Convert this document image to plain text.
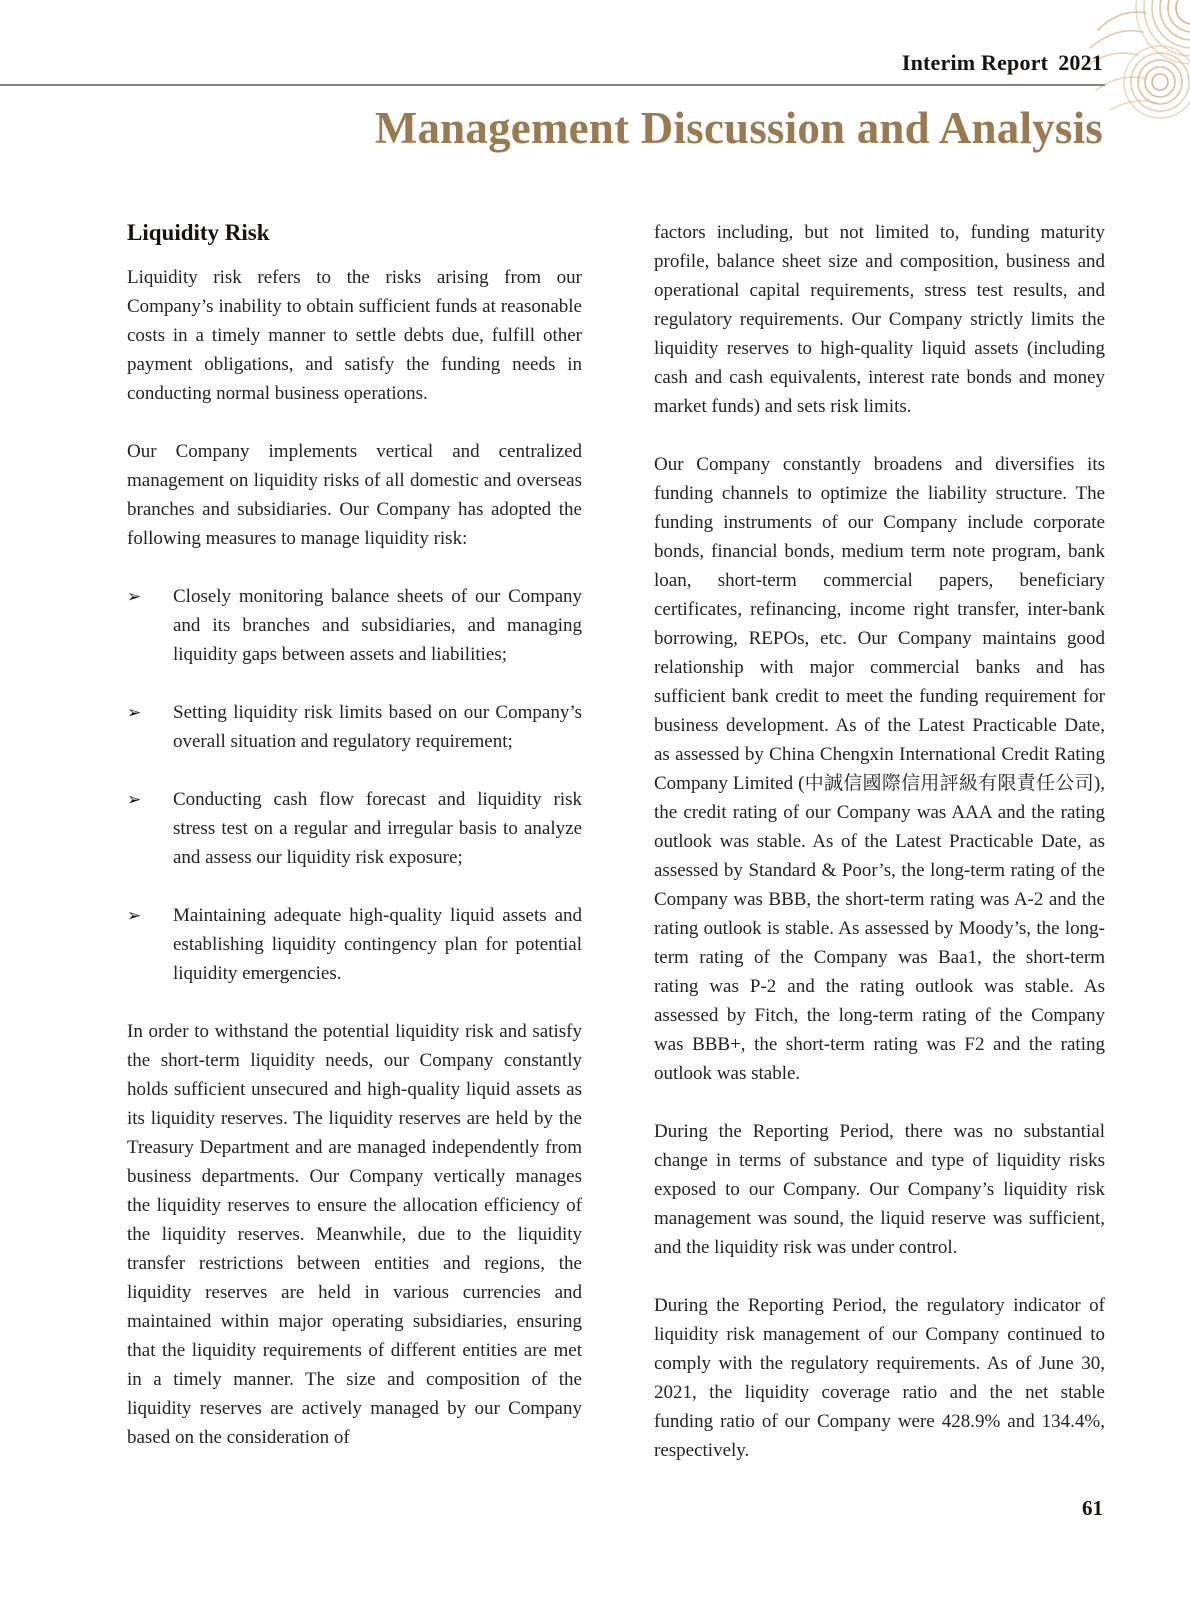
Interim Report 2021
Management Discussion and Analysis
Liquidity Risk

Liquidity risk refers to the risks arising from our Company’s inability to obtain sufficient funds at reasonable costs in a timely manner to settle debts due, fulfill other payment obligations, and satisfy the funding needs in conducting normal business operations.

Our Company implements vertical and centralized management on liquidity risks of all domestic and overseas branches and subsidiaries. Our Company has adopted the following measures to manage liquidity risk:

➢	Closely monitoring balance sheets of our Company and its branches and subsidiaries, and managing liquidity gaps between assets and liabilities;
➢	Setting liquidity risk limits based on our Company’s overall situation and regulatory requirement;
➢	Conducting cash flow forecast and liquidity risk stress test on a regular and irregular basis to analyze and assess our liquidity risk exposure;
➢	Maintaining adequate high-quality liquid assets and establishing liquidity contingency plan for potential liquidity emergencies.

In order to withstand the potential liquidity risk and satisfy the short-term liquidity needs, our Company constantly holds sufficient unsecured and high-quality liquid assets as its liquidity reserves. The liquidity reserves are held by the Treasury Department and are managed independently from business departments. Our Company vertically manages the liquidity reserves to ensure the allocation efficiency of the liquidity reserves. Meanwhile, due to the liquidity transfer restrictions between entities and regions, the liquidity reserves are held in various currencies and maintained within major operating subsidiaries, ensuring that the liquidity requirements of different entities are met in a timely manner. The size and composition of the liquidity reserves are actively managed by our Company based on the consideration of

factors including, but not limited to, funding maturity profile, balance sheet size and composition, business and operational capital requirements, stress test results, and regulatory requirements. Our Company strictly limits the liquidity reserves to high-quality liquid assets (including cash and cash equivalents, interest rate bonds and money market funds) and sets risk limits.

Our Company constantly broadens and diversifies its funding channels to optimize the liability structure. The funding instruments of our Company include corporate bonds, financial bonds, medium term note program, bank loan, short-term commercial papers, beneficiary certificates, refinancing, income right transfer, inter-bank borrowing, REPOs, etc. Our Company maintains good relationship with major commercial banks and has sufficient bank credit to meet the funding requirement for business development. As of the Latest Practicable Date, as assessed by China Chengxin International Credit Rating Company Limited (中誠信國際信用評級有限責任公司), the credit rating of our Company was AAA and the rating outlook was stable. As of the Latest Practicable Date, as assessed by Standard & Poor’s, the long-term rating of the Company was BBB, the short-term rating was A-2 and the rating outlook is stable. As assessed by Moody’s, the long-term rating of the Company was Baa1, the short-term rating was P-2 and the rating outlook was stable. As assessed by Fitch, the long-term rating of the Company was BBB+, the short-term rating was F2 and the rating outlook was stable.

During the Reporting Period, there was no substantial change in terms of substance and type of liquidity risks exposed to our Company. Our Company’s liquidity risk management was sound, the liquid reserve was sufficient, and the liquidity risk was under control.

During the Reporting Period, the regulatory indicator of liquidity risk management of our Company continued to comply with the regulatory requirements. As of June 30, 2021, the liquidity coverage ratio and the net stable funding ratio of our Company were 428.9% and 134.4%, respectively.

61
